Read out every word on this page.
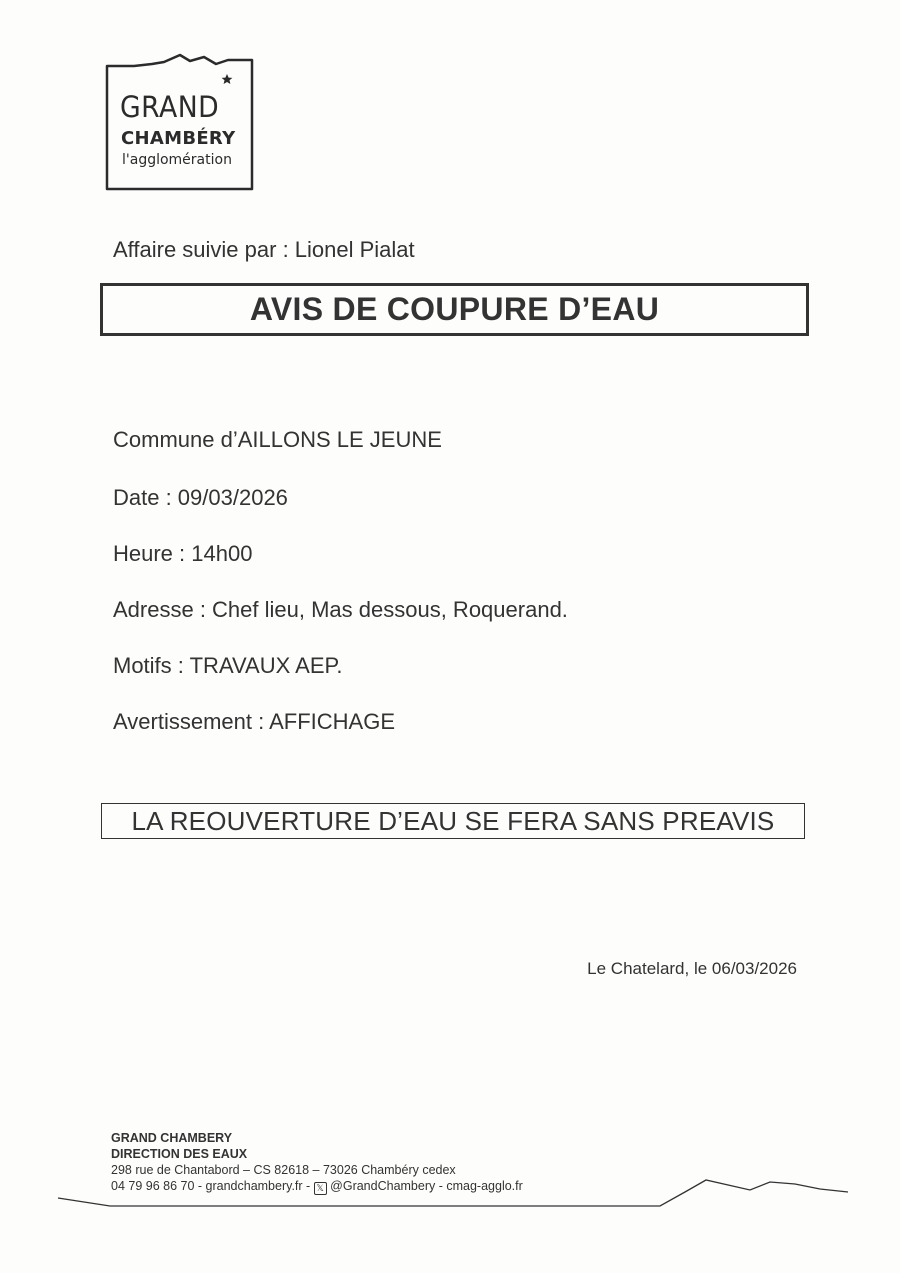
GRAND
CHAMBÉRY
l'agglomération
Affaire suivie par : Lionel Pialat
AVIS DE COUPURE D’EAU
Commune d’AILLONS LE JEUNE
Date : 09/03/2026
Heure : 14h00
Adresse : Chef lieu, Mas dessous, Roquerand.
Motifs : TRAVAUX AEP.
Avertissement : AFFICHAGE
LA REOUVERTURE D’EAU SE FERA SANS PREAVIS
Le Chatelard, le 06/03/2026
GRAND CHAMBERY
DIRECTION DES EAUX
298 rue de Chantabord – CS 82618 – 73026 Chambéry cedex
04 79 96 86 70 - grandchambery.fr - 𝕏 @GrandChambery - cmag-agglo.fr
